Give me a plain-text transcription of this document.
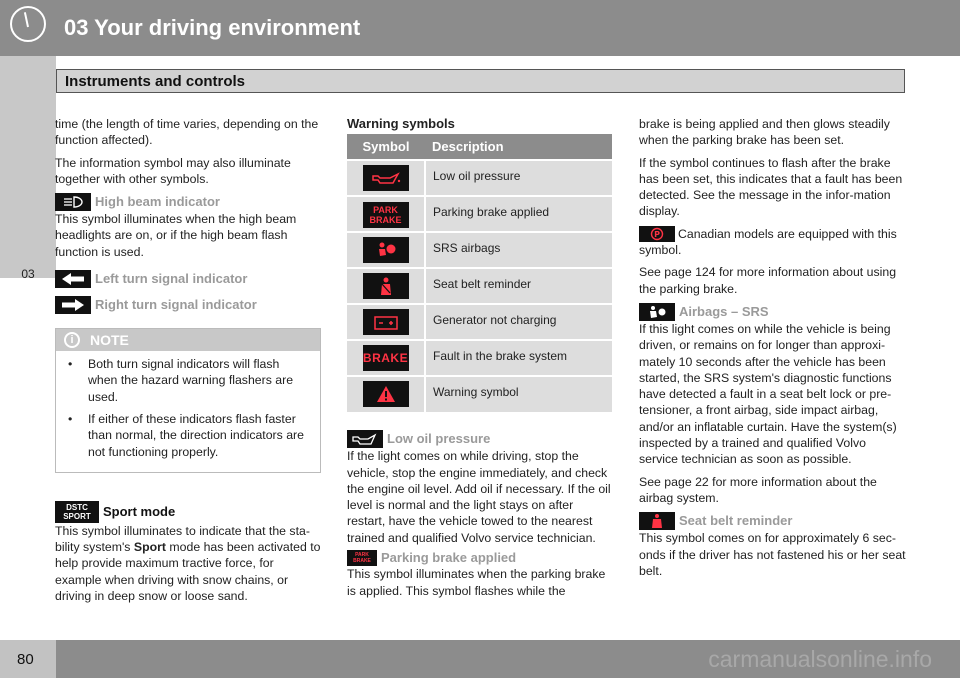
03 Your driving environment
03
Instruments and controls

time (the length of time varies, depending on the function affected).

The information symbol may also illuminate together with other symbols.

High beam indicator

This symbol illuminates when the high beam headlights are on, or if the high beam flash function is used.

Left turn signal indicator
Right turn signal indicator
i	NOTE
• Both turn signal indicators will flash when the hazard warning flashers are used.
• If either of these indicators flash faster than normal, the direction indicators are not functioning properly.
DSTC
SPORT Sport mode

This symbol illuminates to indicate that the sta-bility system's Sport mode has been activated to help provide maximum tractive force, for example when driving with snow chains, or driving in deep snow or loose sand.

Warning symbols
Symbol	Description

	Low oil pressure

PARK
BRAKE	Parking brake applied

	SRS airbags

	Seat belt reminder

	Generator not charging

BRAKE	Fault in the brake system

	Warning symbol
Low oil pressure

If the light comes on while driving, stop the vehicle, stop the engine immediately, and check the engine oil level. Add oil if necessary. If the oil level is normal and the light stays on after restart, have the vehicle towed to the nearest trained and qualified Volvo service technician.

PARK
BRAKE Parking brake applied

This symbol illuminates when the parking brake is applied. This symbol flashes while the

brake is being applied and then glows steadily when the parking brake has been set.

If the symbol continues to flash after the brake has been set, this indicates that a fault has been detected. See the message in the infor-mation display.

P Canadian models are equipped with this symbol.

See page 124 for more information about using the parking brake.

Airbags – SRS

If this light comes on while the vehicle is being driven, or remains on for longer than approxi-mately 10 seconds after the vehicle has been started, the SRS system's diagnostic functions have detected a fault in a seat belt lock or pre-tensioner, a front airbag, side impact airbag, and/or an inflatable curtain. Have the system(s) inspected by a trained and qualified Volvo service technician as soon as possible.

See page 22 for more information about the airbag system.

Seat belt reminder

This symbol comes on for approximately 6 sec-onds if the driver has not fastened his or her seat belt.

80	carmanualsonline.info
